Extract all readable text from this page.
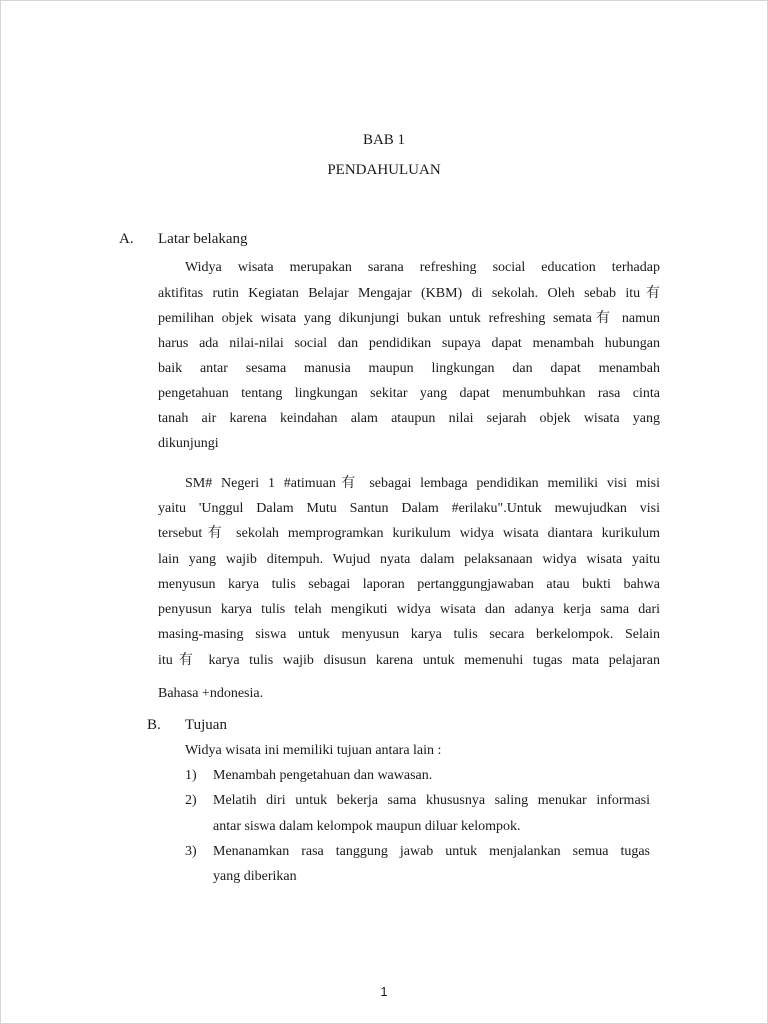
BAB 1

PENDAHULUAN

A. Latar belakang

Widya wisata merupakan sarana refreshing social education terhadap

aktifitas rutin Kegiatan Belajar Mengajar (KBM) di sekolah. Oleh sebab itu有

pemilihan objek wisata yang dikunjungi bukan untuk refreshing semata有 namun

harus ada nilai-nilai social dan pendidikan supaya dapat menambah hubungan

baik antar sesama manusia maupun lingkungan dan dapat menambah

pengetahuan tentang lingkungan sekitar yang dapat menumbuhkan rasa cinta

tanah air karena keindahan alam ataupun nilai sejarah objek wisata yang

dikunjungi

SM# Negeri 1 #atimuan有 sebagai lembaga pendidikan memiliki visi misi

yaitu 'Unggul Dalam Mutu Santun Dalam #erilaku".Untuk mewujudkan visi

tersebut有 sekolah memprogramkan kurikulum widya wisata diantara kurikulum

lain yang wajib ditempuh. Wujud nyata dalam pelaksanaan widya wisata yaitu

menyusun karya tulis sebagai laporan pertanggungjawaban atau bukti bahwa

penyusun karya tulis telah mengikuti widya wisata dan adanya kerja sama dari

masing-masing siswa untuk menyusun karya tulis secara berkelompok. Selain

itu有 karya tulis wajib disusun karena untuk memenuhi tugas mata pelajaran

Bahasa +ndonesia.

B. Tujuan

Widya wisata ini memiliki tujuan antara lain :

1) Menambah pengetahuan dan wawasan.

2) Melatih diri untuk bekerja sama khususnya saling menukar informasi

antar siswa dalam kelompok maupun diluar kelompok.

3) Menanamkan rasa tanggung jawab untuk menjalankan semua tugas

yang diberikan

1
